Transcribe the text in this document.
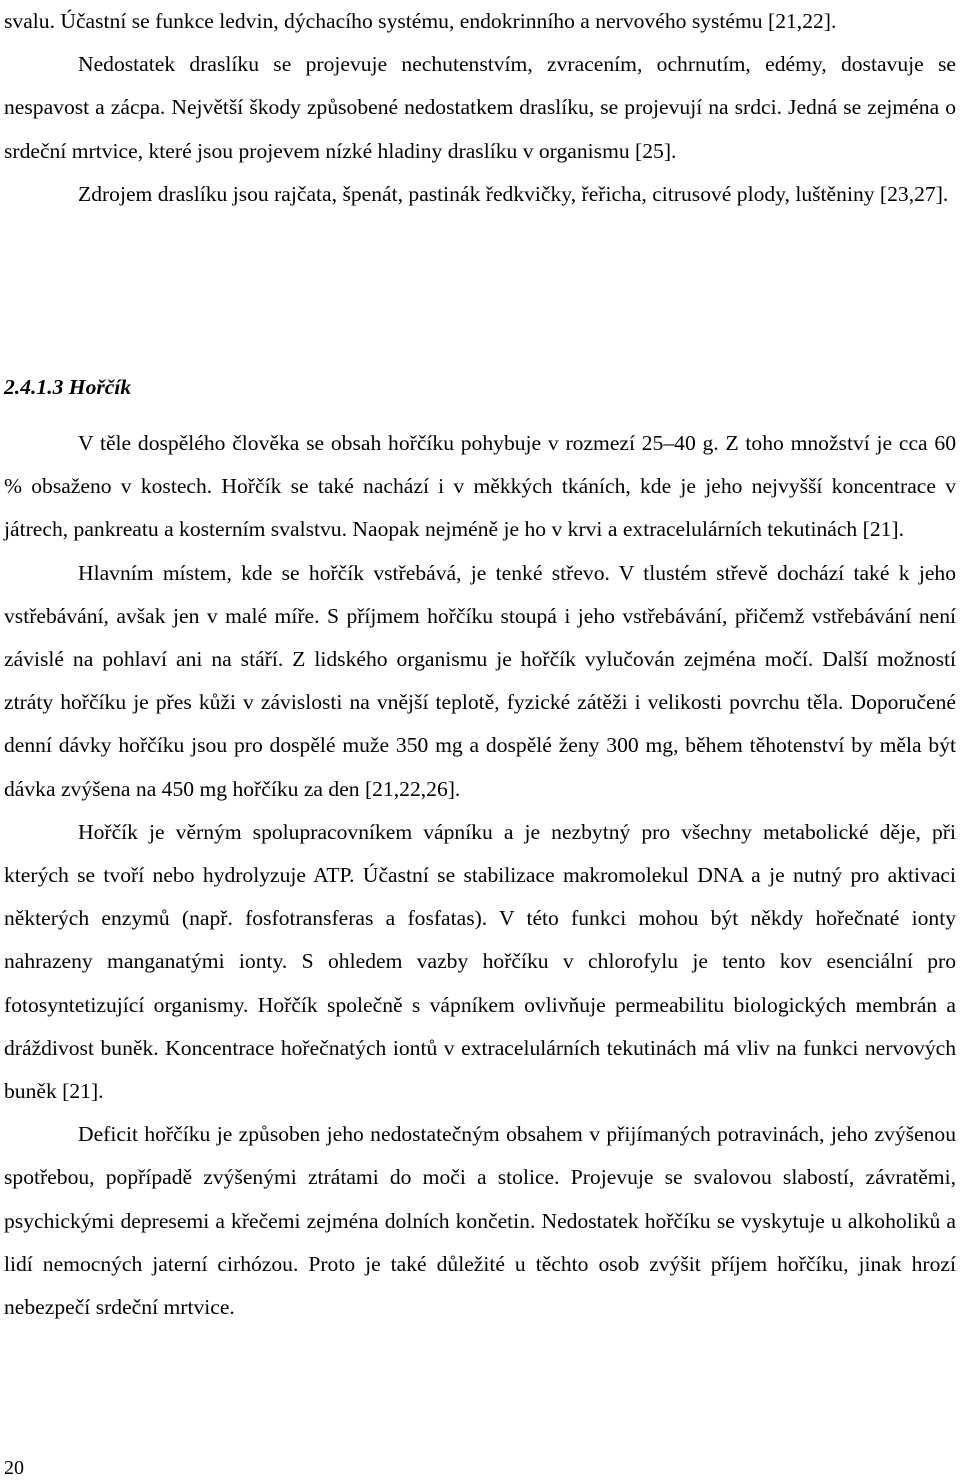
svalu. Účastní se funkce ledvin, dýchacího systému, endokrinního a nervového systému [21,22].

Nedostatek draslíku se projevuje nechutenstvím, zvracením, ochrnutím, edémy, dostavuje se nespavost a zácpa. Největší škody způsobené nedostatkem draslíku, se projevují na srdci. Jedná se zejména o srdeční mrtvice, které jsou projevem nízké hladiny draslíku v organismu [25].

Zdrojem draslíku jsou rajčata, špenát, pastinák ředkvičky, řeřicha, citrusové plody, luštěniny [23,27].

2.4.1.3 Hořčík

V těle dospělého člověka se obsah hořčíku pohybuje v rozmezí 25–40 g. Z toho množství je cca 60 % obsaženo v kostech. Hořčík se také nachází i v měkkých tkáních, kde je jeho nejvyšší koncentrace v játrech, pankreatu a kosterním svalstvu. Naopak nejméně je ho v krvi a extracelulárních tekutinách [21].

Hlavním místem, kde se hořčík vstřebává, je tenké střevo. V tlustém střevě dochází také k jeho vstřebávání, avšak jen v malé míře. S příjmem hořčíku stoupá i jeho vstřebávání, přičemž vstřebávání není závislé na pohlaví ani na stáří. Z lidského organismu je hořčík vylučován zejména močí. Další možností ztráty hořčíku je přes kůži v závislosti na vnější teplotě, fyzické zátěži i velikosti povrchu těla. Doporučené denní dávky hořčíku jsou pro dospělé muže 350 mg a dospělé ženy 300 mg, během těhotenství by měla být dávka zvýšena na 450 mg hořčíku za den [21,22,26].

Hořčík je věrným spolupracovníkem vápníku a je nezbytný pro všechny metabolické děje, při kterých se tvoří nebo hydrolyzuje ATP. Účastní se stabilizace makromolekul DNA a je nutný pro aktivaci některých enzymů (např. fosfotransferas a fosfatas). V této funkci mohou být někdy hořečnaté ionty nahrazeny manganatými ionty. S ohledem vazby hořčíku v chlorofylu je tento kov esenciální pro fotosyntetizující organismy. Hořčík společně s vápníkem ovlivňuje permeabilitu biologických membrán a dráždivost buněk. Koncentrace hořečnatých iontů v extracelulárních tekutinách má vliv na funkci nervových buněk [21].

Deficit hořčíku je způsoben jeho nedostatečným obsahem v přijímaných potravinách, jeho zvýšenou spotřebou, popřípadě zvýšenými ztrátami do moči a stolice. Projevuje se svalovou slabostí, závratěmi, psychickými depresemi a křečemi zejména dolních končetin. Nedostatek hořčíku se vyskytuje u alkoholiků a lidí nemocných jaterní cirhózou. Proto je také důležité u těchto osob zvýšit příjem hořčíku, jinak hrozí nebezpečí srdeční mrtvice.

20
